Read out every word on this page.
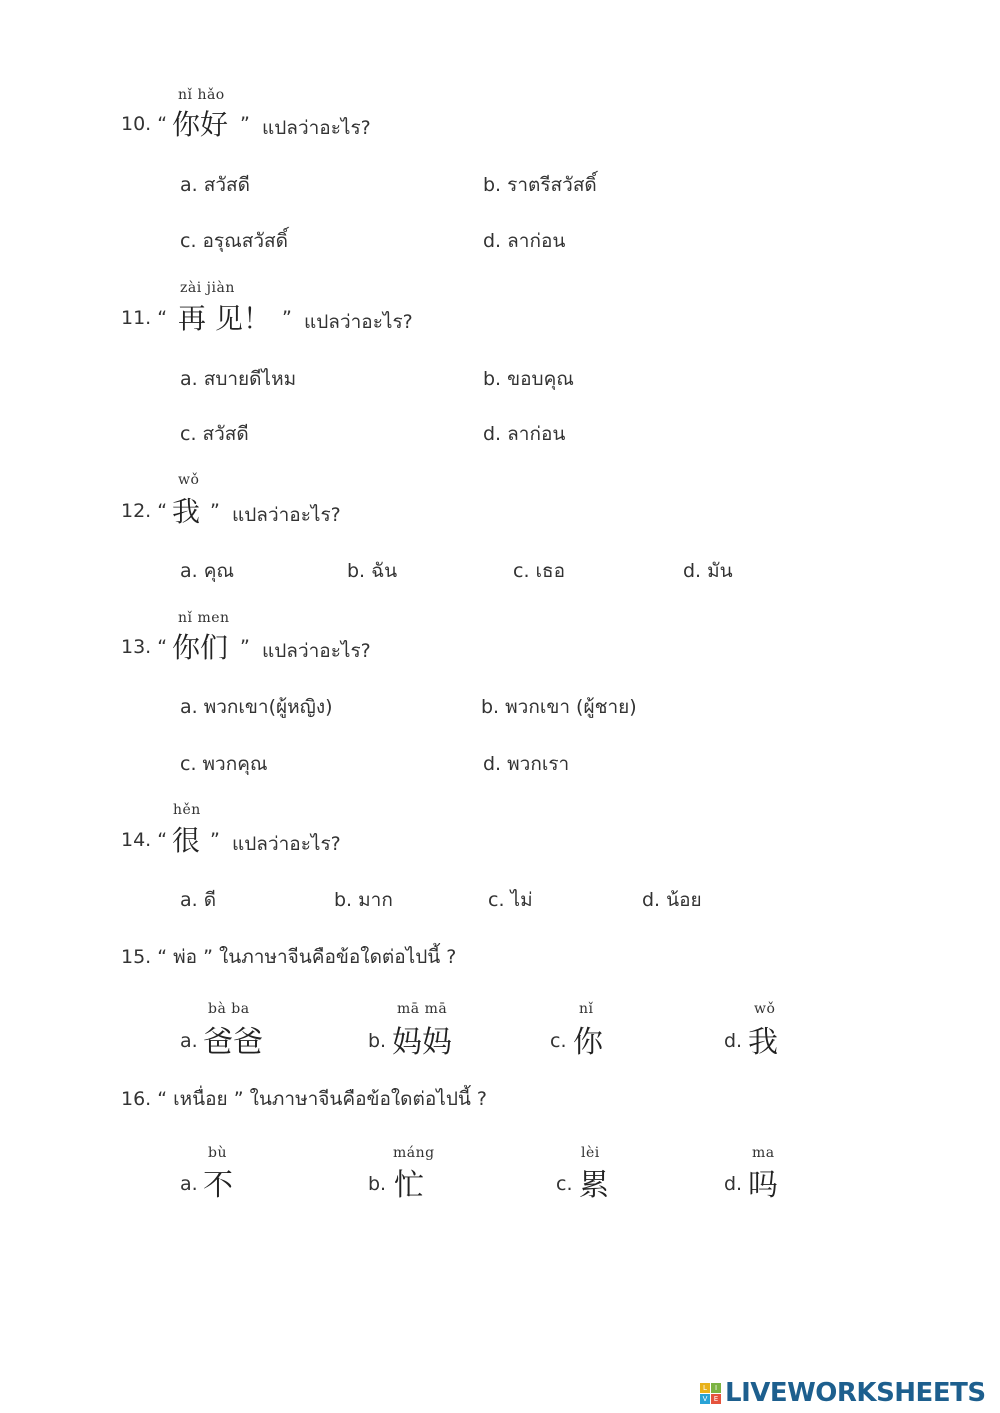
nǐ hǎo
10. “ 你好 ” แปลว่าอะไร?
a. สวัสดี	b. ราตรีสวัสดิ์
c. อรุณสวัสดิ์	d. ลาก่อน
zài jiàn
11. “ 再 见！ ” แปลว่าอะไร?
a. สบายดีไหม	b. ขอบคุณ
c. สวัสดี	d. ลาก่อน
wǒ
12. “ 我 ” แปลว่าอะไร?
a. คุณ	b. ฉัน	c. เธอ	d. มัน
nǐ men
13. “ 你们 ” แปลว่าอะไร?
a. พวกเขา(ผู้หญิง)	b. พวกเขา (ผู้ชาย)
c. พวกคุณ	d. พวกเรา
hěn
14. “ 很 ” แปลว่าอะไร?
a. ดี	b. มาก	c. ไม่	d. น้อย
15. “ พ่อ ” ในภาษาจีนคือข้อใดต่อไปนี้ ?
bà ba
a. 爸爸
mā mā
b. 妈妈
nǐ
c. 你
wǒ
d. 我
16. “ เหนื่อย ” ในภาษาจีนคือข้อใดต่อไปนี้ ?
bù
a. 不
máng
b. 忙
lèi
c. 累
ma
d. 吗
L	I
V E LIVEWORKSHEETS
